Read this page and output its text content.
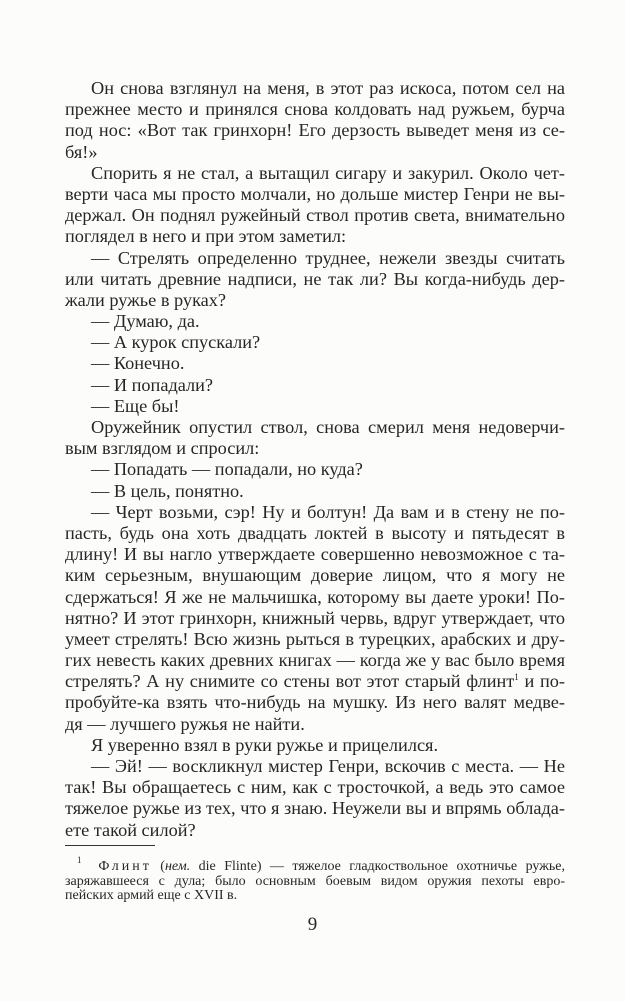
Он снова взглянул на меня, в этот раз искоса, потом сел на
прежнее место и принялся снова колдовать над ружьем, бурча
под нос: «Вот так гринхорн! Его дерзость выведет меня из се-
бя!»
Спорить я не стал, а вытащил сигару и закурил. Около чет-
верти часа мы просто молчали, но дольше мистер Генри не вы-
держал. Он поднял ружейный ствол против света, внимательно
поглядел в него и при этом заметил:
— Стрелять определенно труднее, нежели звезды считать
или читать древние надписи, не так ли? Вы когда-нибудь дер-
жали ружье в руках?
— Думаю, да.
— А курок спускали?
— Конечно.
— И попадали?
— Еще бы!
Оружейник опустил ствол, снова смерил меня недоверчи-
вым взглядом и спросил:
— Попадать — попадали, но куда?
— В цель, понятно.
— Черт возьми, сэр! Ну и болтун! Да вам и в стену не по-
пасть, будь она хоть двадцать локтей в высоту и пятьдесят в
длину! И вы нагло утверждаете совершенно невозможное с та-
ким серьезным, внушающим доверие лицом, что я могу не
сдержаться! Я же не мальчишка, которому вы даете уроки! По-
нятно? И этот гринхорн, книжный червь, вдруг утверждает, что
умеет стрелять! Всю жизнь рыться в турецких, арабских и дру-
гих невесть каких древних книгах — когда же у вас было время
стрелять? А ну снимите со стены вот этот старый флинт$^1$ и по-
пробуйте-ка взять что-нибудь на мушку. Из него валят медве-
дя — лучшего ружья не найти.
Я уверенно взял в руки ружье и прицелился.
— Эй! — воскликнул мистер Генри, вскочив с места. — Не
так! Вы обращаетесь с ним, как с тросточкой, а ведь это самое
тяжелое ружье из тех, что я знаю. Неужели вы и впрямь облада-
ете такой силой?
$^1$ Флинт (нем. die Flinte) — тяжелое гладкоствольное охотничье ружье,
заряжавшееся с дула; было основным боевым видом оружия пехоты евро-
пейских армий еще с XVII в.
9
